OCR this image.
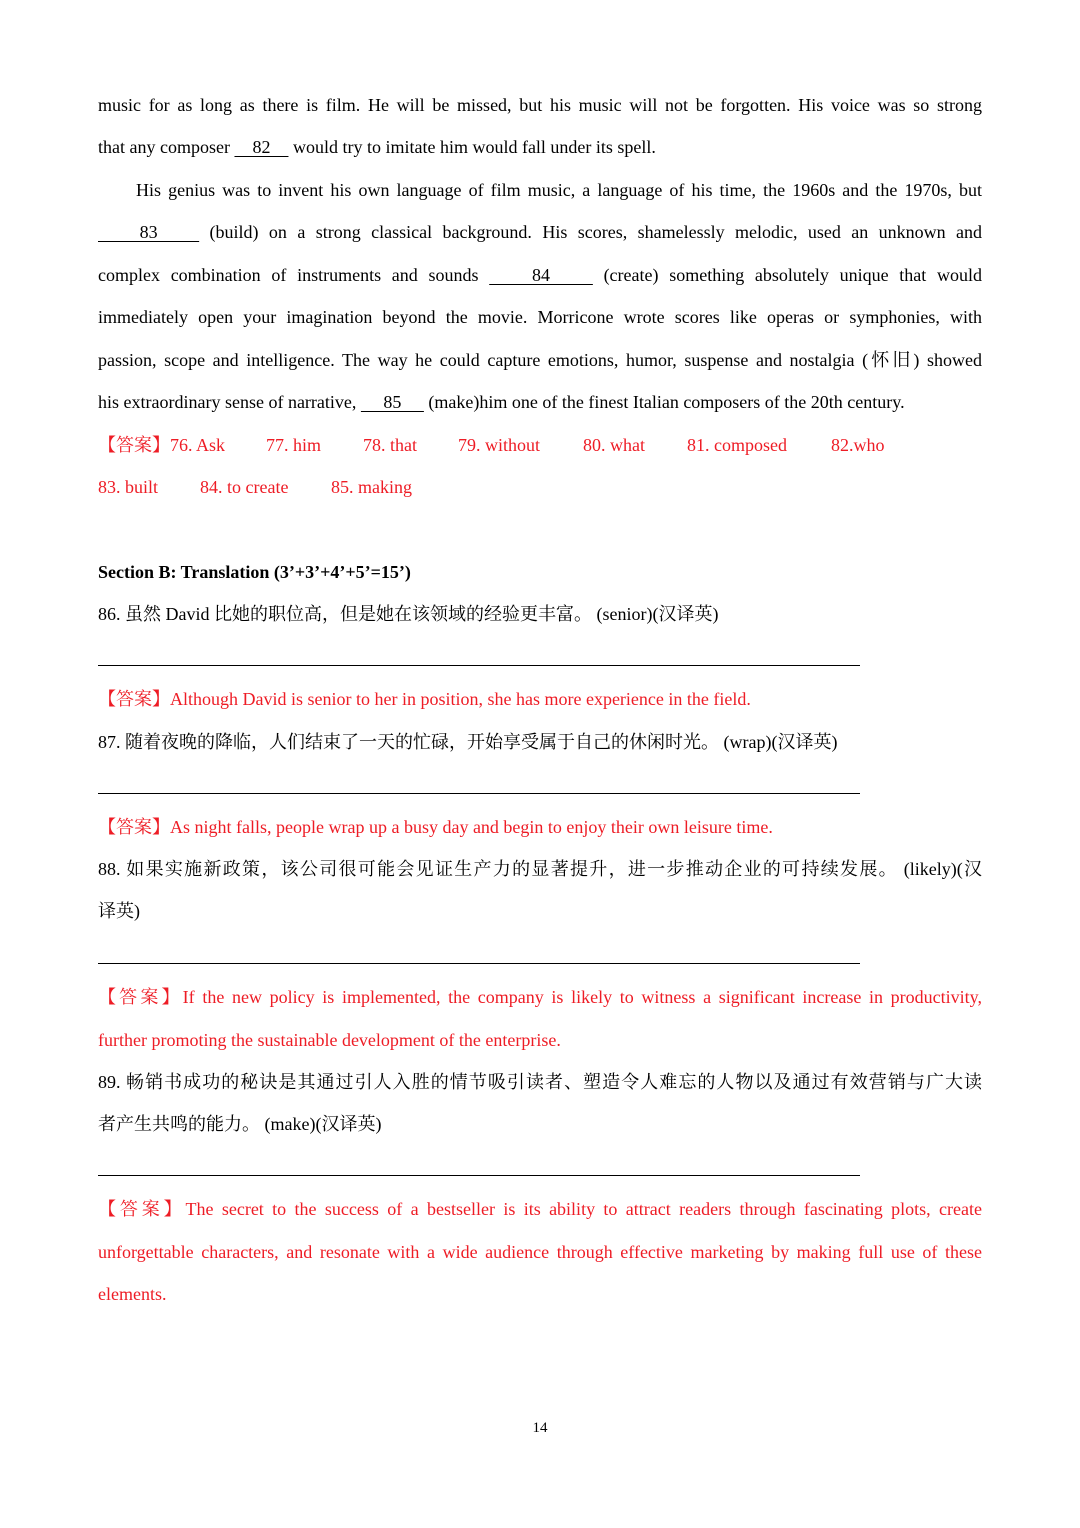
music for as long as there is film. He will be missed, but his music will not be forgotten. His voice was so strong
that any composer     82     would try to imitate him would fall under its spell.
His genius was to invent his own language of film music, a language of his time, the 1960s and the 1970s, but
83     (build) on a strong classical background. His scores, shamelessly melodic, used an unknown and
complex combination of instruments and sounds     84     (create) something absolutely unique that would
immediately open your imagination beyond the movie. Morricone wrote scores like operas or symphonies, with
passion, scope and intelligence. The way he could capture emotions, humor, suspense and nostalgia (怀旧) showed
his extraordinary sense of narrative,      85      (make)him one of the finest Italian composers of the 20th century.
【答案】76. Ask 77. him 78. that 79. without 80. what 81. composed 82.who
83. built 84. to create 85. making
Section B: Translation (3’+3’+4’+5’=15’)
86. 虽然 David 比她的职位高，但是她在该领域的经验更丰富。 (senior)(汉译英)
【答案】Although David is senior to her in position, she has more experience in the field.
87. 随着夜晚的降临，人们结束了一天的忙碌，开始享受属于自己的休闲时光。 (wrap)(汉译英)
【答案】As night falls, people wrap up a busy day and begin to enjoy their own leisure time.
88. 如果实施新政策，该公司很可能会见证生产力的显著提升，进一步推动企业的可持续发展。 (likely)(汉
译英)
【答案】If the new policy is implemented, the company is likely to witness a significant increase in productivity,
further promoting the sustainable development of the enterprise.
89. 畅销书成功的秘诀是其通过引人入胜的情节吸引读者、塑造令人难忘的人物以及通过有效营销与广大读
者产生共鸣的能力。 (make)(汉译英)
【答案】The secret to the success of a bestseller is its ability to attract readers through fascinating plots, create
unforgettable characters, and resonate with a wide audience through effective marketing by making full use of these
elements.
14
